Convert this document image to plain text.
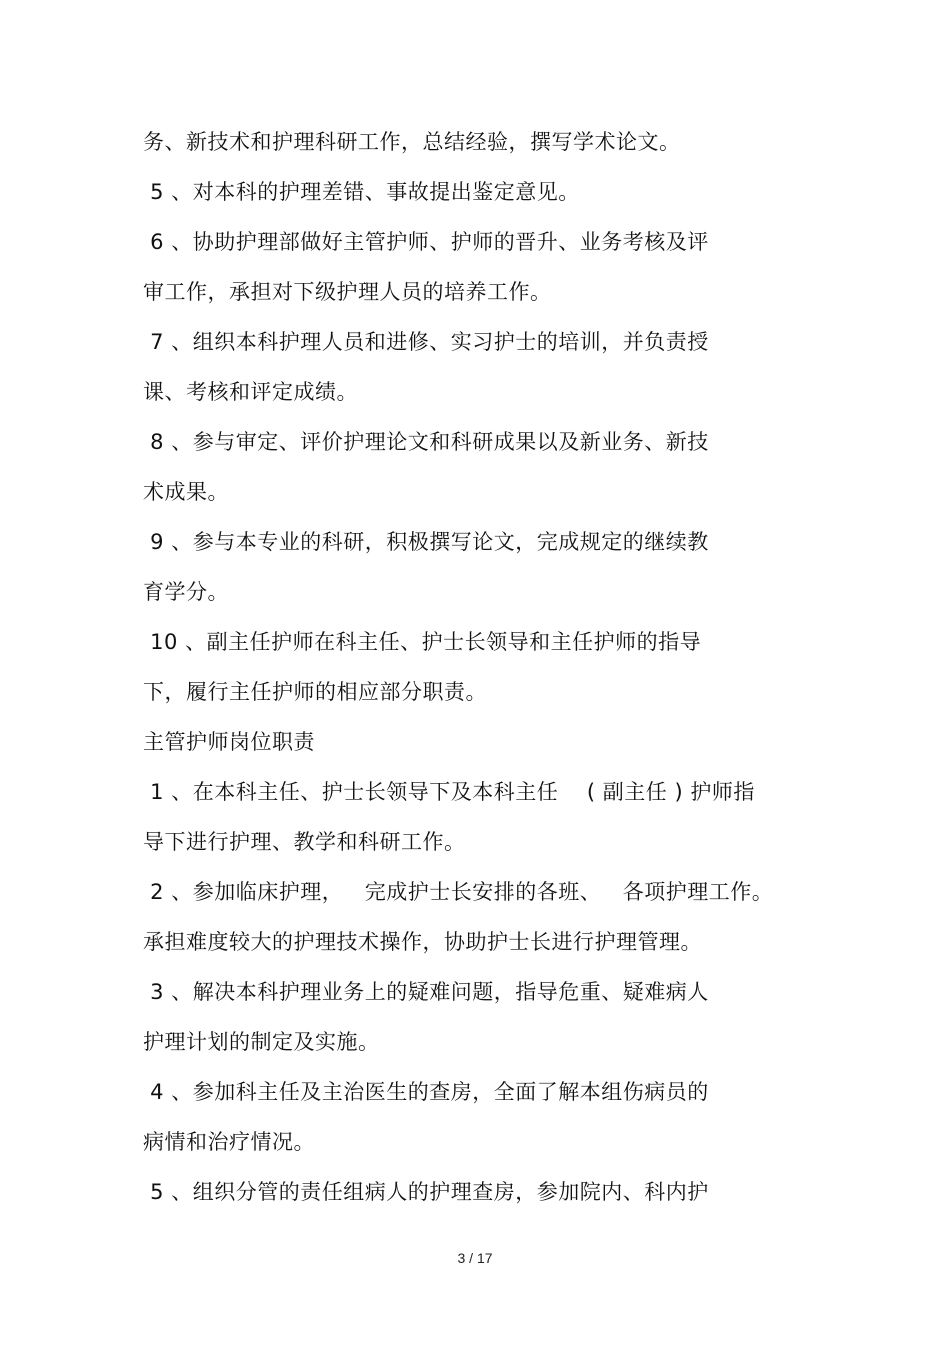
务、新技术和护理科研工作，总结经验，撰写学术论文。
5 、对本科的护理差错、事故提出鉴定意见。
6 、协助护理部做好主管护师、护师的晋升、业务考核及评
审工作，承担对下级护理人员的培养工作。
7 、组织本科护理人员和进修、实习护士的培训，并负责授
课、考核和评定成绩。
8 、参与审定、评价护理论文和科研成果以及新业务、新技
术成果。
9 、参与本专业的科研，积极撰写论文，完成规定的继续教
育学分。
10 、副主任护师在科主任、护士长领导和主任护师的指导
下，履行主任护师的相应部分职责。
主管护师岗位职责
1 、在本科主任、护士长领导下及本科主任    ( 副主任 ) 护师指
导下进行护理、教学和科研工作。
2 、参加临床护理，   完成护士长安排的各班、   各项护理工作。
承担难度较大的护理技术操作，协助护士长进行护理管理。
3 、解决本科护理业务上的疑难问题，指导危重、疑难病人
护理计划的制定及实施。
4 、参加科主任及主治医生的查房，全面了解本组伤病员的
病情和治疗情况。
5 、组织分管的责任组病人的护理查房，参加院内、科内护
3 / 17
